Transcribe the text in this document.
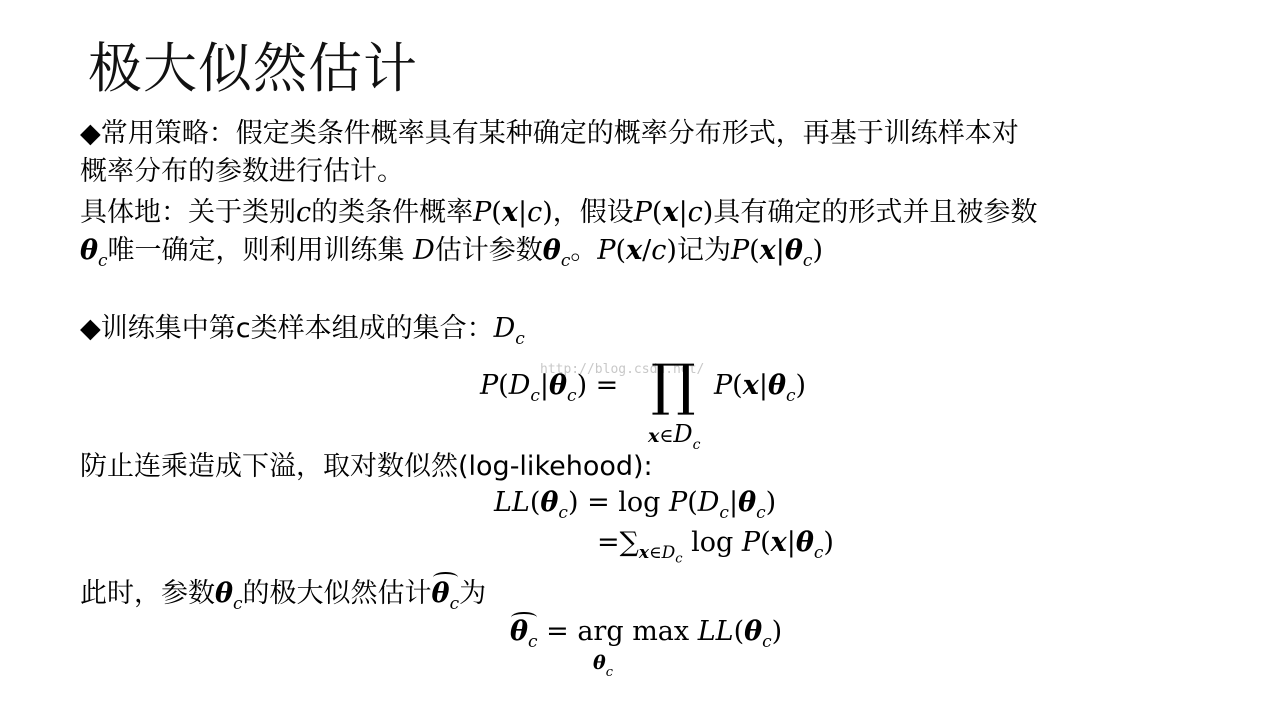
极大似然估计
◆常用策略：假定类条件概率具有某种确定的概率分布形式，再基于训练样本对
概率分布的参数进行估计。
具体地：关于类别c的类条件概率P(x|c)，假设P(x|c)具有确定的形式并且被参数
$\theta_c$唯一确定，则利用训练集 D估计参数$\theta_c$。P(x/c)记为$P(x|\theta_c)$
◆训练集中第c类样本组成的集合：$D_c$
http://blog.csdn.net/
$P(D_c|\theta_c)$ = ∏ $P(x|\theta_c)$
$x\in D_c$
防止连乘造成下溢，取对数似然(log-likehood):
$LL(\theta_c) = \log P(D_c|\theta_c)$
$=\sum_{x\in D_c}$ $\log P(x|\theta_c)$
此时，参数$\theta_c$的极大似然估计$\theta_c$为
$\theta_c$ = arg $\max LL(\theta_c)$
$\theta_c$
